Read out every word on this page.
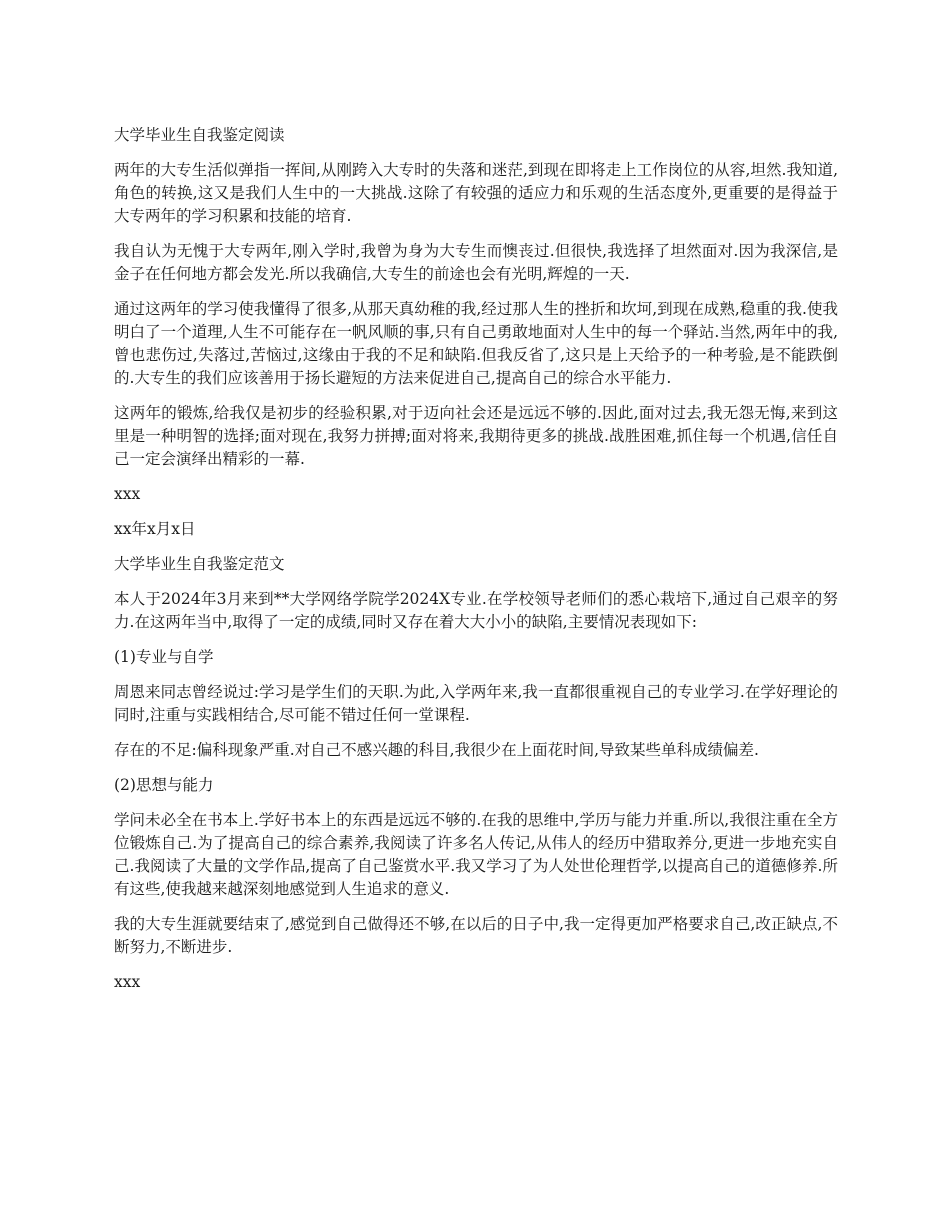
大学毕业生自我鉴定阅读

两年的大专生活似弹指一挥间,从刚跨入大专时的失落和迷茫,到现在即将走上工作岗位的从容,坦然.我知道,角色的转换,这又是我们人生中的一大挑战.这除了有较强的适应力和乐观的生活态度外,更重要的是得益于大专两年的学习积累和技能的培育.

我自认为无愧于大专两年,刚入学时,我曾为身为大专生而懊丧过.但很快,我选择了坦然面对.因为我深信,是金子在任何地方都会发光.所以我确信,大专生的前途也会有光明,辉煌的一天.

通过这两年的学习使我懂得了很多,从那天真幼稚的我,经过那人生的挫折和坎坷,到现在成熟,稳重的我.使我明白了一个道理,人生不可能存在一帆风顺的事,只有自己勇敢地面对人生中的每一个驿站.当然,两年中的我,曾也悲伤过,失落过,苦恼过,这缘由于我的不足和缺陷.但我反省了,这只是上天给予的一种考验,是不能跌倒的.大专生的我们应该善用于扬长避短的方法来促进自己,提高自己的综合水平能力.

这两年的锻炼,给我仅是初步的经验积累,对于迈向社会还是远远不够的.因此,面对过去,我无怨无悔,来到这里是一种明智的选择;面对现在,我努力拼搏;面对将来,我期待更多的挑战.战胜困难,抓住每一个机遇,信任自己一定会演绎出精彩的一幕.

xxx

xx年x月x日

大学毕业生自我鉴定范文

本人于2024年3月来到**大学网络学院学2024X专业.在学校领导老师们的悉心栽培下,通过自己艰辛的努力.在这两年当中,取得了一定的成绩,同时又存在着大大小小的缺陷,主要情况表现如下:

(1)专业与自学

周恩来同志曾经说过:学习是学生们的天职.为此,入学两年来,我一直都很重视自己的专业学习.在学好理论的同时,注重与实践相结合,尽可能不错过任何一堂课程.

存在的不足:偏科现象严重.对自己不感兴趣的科目,我很少在上面花时间,导致某些单科成绩偏差.

(2)思想与能力

学问未必全在书本上.学好书本上的东西是远远不够的.在我的思维中,学历与能力并重.所以,我很注重在全方位锻炼自己.为了提高自己的综合素养,我阅读了许多名人传记,从伟人的经历中猎取养分,更进一步地充实自己.我阅读了大量的文学作品,提高了自己鉴赏水平.我又学习了为人处世伦理哲学,以提高自己的道德修养.所有这些,使我越来越深刻地感觉到人生追求的意义.

我的大专生涯就要结束了,感觉到自己做得还不够,在以后的日子中,我一定得更加严格要求自己,改正缺点,不断努力,不断进步.

xxx
